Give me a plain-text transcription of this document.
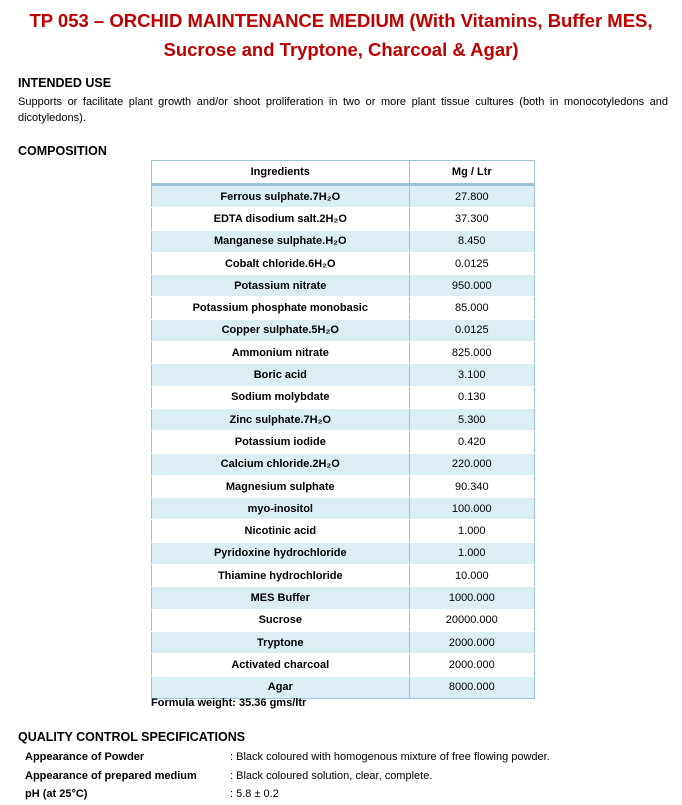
TP 053 – ORCHID MAINTENANCE MEDIUM (With Vitamins, Buffer MES,
Sucrose and Tryptone, Charcoal & Agar)
INTENDED USE
Supports or facilitate plant growth and/or shoot proliferation in two or more plant tissue cultures (both in monocotyledons and dicotyledons).
COMPOSITION
Ingredients	Mg / Ltr
Ferrous sulphate.7H₂O	27.800
EDTA disodium salt.2H₂O	37.300
Manganese sulphate.H₂O	8.450
Cobalt chloride.6H₂O	0.0125
Potassium nitrate	950.000
Potassium phosphate monobasic	85.000
Copper sulphate.5H₂O	0.0125
Ammonium nitrate	825.000
Boric acid	3.100
Sodium molybdate	0.130
Zinc sulphate.7H₂O	5.300
Potassium iodide	0.420
Calcium chloride.2H₂O	220.000
Magnesium sulphate	90.340
myo-inositol	100.000
Nicotinic acid	1.000
Pyridoxine hydrochloride	1.000
Thiamine hydrochloride	10.000
MES Buffer	1000.000
Sucrose	20000.000
Tryptone	2000.000
Activated charcoal	2000.000
Agar	8000.000
Formula weight: 35.36 gms/ltr
QUALITY CONTROL SPECIFICATIONS
Appearance of Powder	: Black coloured with homogenous mixture of free flowing powder.
Appearance of prepared medium	: Black coloured solution, clear, complete.
pH (at 25°C)	: 5.8 ± 0.2
